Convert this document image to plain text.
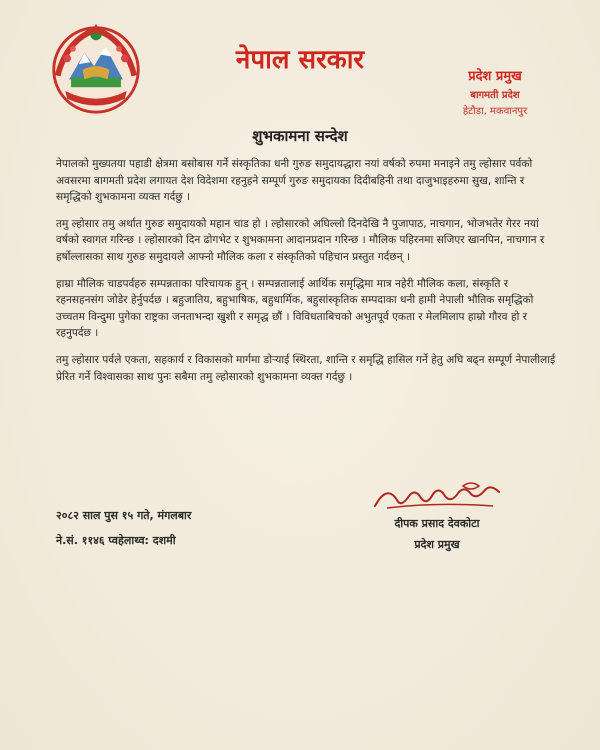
नेपाल सरकार
प्रदेश प्रमुख
बागमती प्रदेश
हेटौडा, मकवानपुर
शुभकामना सन्देश

नेपालको मुख्यतया पहाडी क्षेत्रमा बसोबास गर्ने संस्कृतिका धनी गुरुङ समुदायद्धारा नयां वर्षको रुपमा मनाइने तमु ल्होसार पर्वको अवसरमा बागमती प्रदेश लगायत देश विदेशमा रहनुहने सम्पूर्ण गुरुङ समुदायका दिदीबहिनी तथा दाजुभाइहरुमा सुख, शान्ति र समृद्धिको शुभकामना व्यक्त गर्दछु ।

तमु ल्होसार तमु अर्थात गुरुङ समुदायको महान चाड हो । ल्होसारको अघिल्लो दिनदेखि नै पुजापाठ, नाचगान, भोजभतेर गेरर नयां वर्षको स्वागत गरिन्छ । ल्होसारको दिन ढोगभेट र शुभकामना आदानप्रदान गरिन्छ । मौलिक पहिरनमा सजिएर खानपिन, नाचगान र हर्षोल्लासका साथ गुरुङ समुदायले आफ्नो मौलिक कला र संस्कृतिको पहिचान प्रस्तुत गर्दछन् ।

हाम्रा मौलिक चाडपर्वहरु सम्पन्नताका परिचायक हुन् । सम्पन्नतालाई आर्थिक समृद्धिमा मात्र नहेरी मौलिक कला, संस्कृति र रहनसहनसंग जोडेर हेर्नुपर्दछ । बहुजातिय, बहुभाषिक, बहुधार्मिक, बहुसांस्कृतिक सम्पदाका धनी हामी नेपाली भौतिक समृद्धिको उच्चतम विन्दुमा पुगेका राष्ट्रका जनताभन्दा खुशी र समृद्ध छौं । विविधताबिचको अभुतपूर्व एकता र मेलमिलाप हाम्रो गौरव हो र रहनुपर्दछ ।

तमु ल्होसार पर्वले एकता, सहकार्य र विकासको मार्गमा डोऱ्याई स्थिरता, शान्ति र समृद्धि हासिल गर्ने हेतु अघि बढ्न सम्पूर्ण नेपालीलाई प्रेरित गर्ने विश्वासका साथ पुनः सबैमा तमु ल्होसारको शुभकामना व्यक्त गर्दछु ।

२०८२ साल पुस १५ गते, मंगलबार
ने.सं. ११४६ प्वहेलाथ्व: दशमी
दीपक प्रसाद देवकोटा
प्रदेश प्रमुख
